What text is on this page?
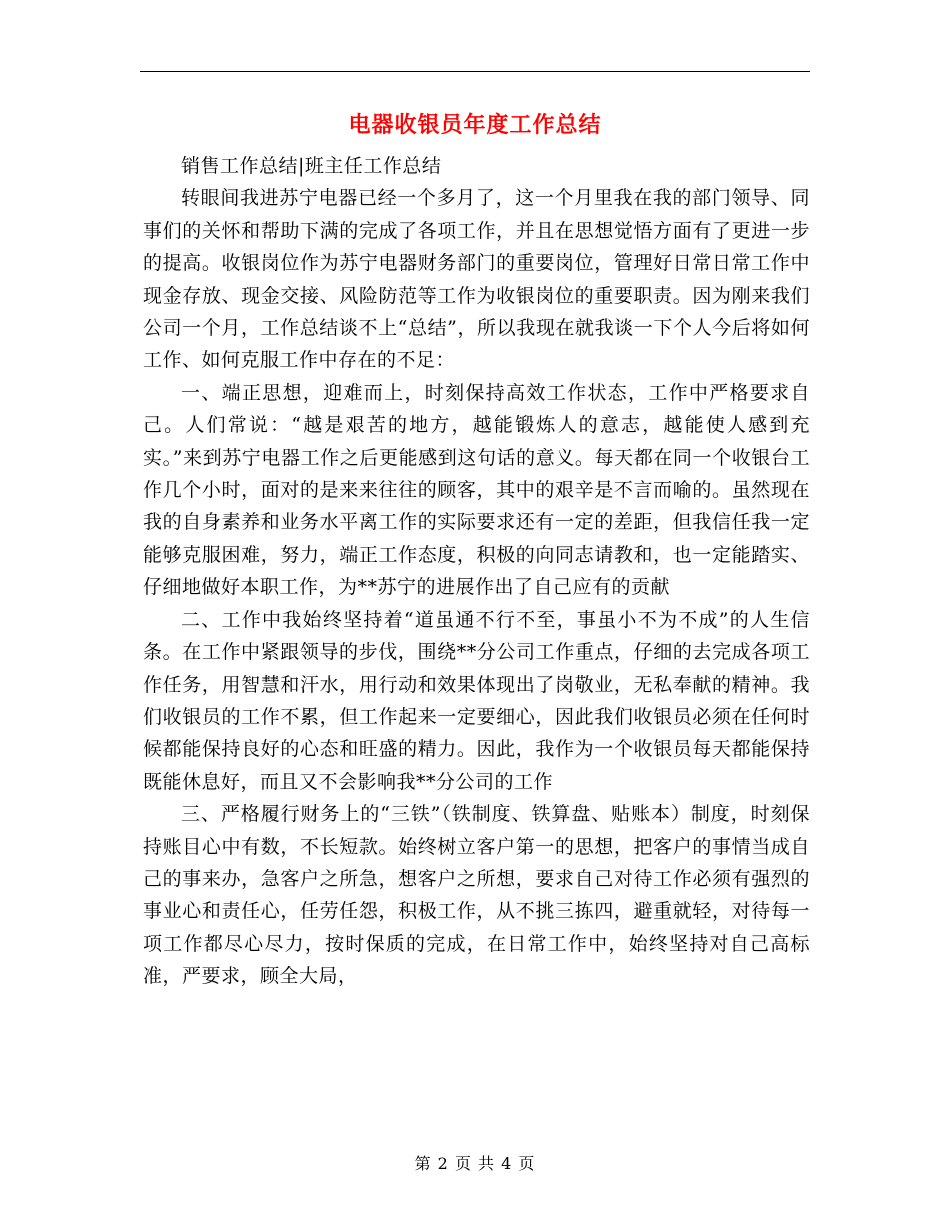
电器收银员年度工作总结

销售工作总结|班主任工作总结

转眼间我进苏宁电器已经一个多月了，这一个月里我在我的部门领导、同事们的关怀和帮助下满的完成了各项工作，并且在思想觉悟方面有了更进一步的提高。收银岗位作为苏宁电器财务部门的重要岗位，管理好日常日常工作中现金存放、现金交接、风险防范等工作为收银岗位的重要职责。因为刚来我们公司一个月，工作总结谈不上“总结”，所以我现在就我谈一下个人今后将如何工作、如何克服工作中存在的不足：

一、端正思想，迎难而上，时刻保持高效工作状态，工作中严格要求自己。人们常说：“越是艰苦的地方，越能锻炼人的意志，越能使人感到充实。”来到苏宁电器工作之后更能感到这句话的意义。每天都在同一个收银台工作几个小时，面对的是来来往往的顾客，其中的艰辛是不言而喻的。虽然现在我的自身素养和业务水平离工作的实际要求还有一定的差距，但我信任我一定能够克服困难，努力，端正工作态度，积极的向同志请教和，也一定能踏实、仔细地做好本职工作，为**苏宁的进展作出了自己应有的贡献

二、工作中我始终坚持着“道虽通不行不至，事虽小不为不成”的人生信条。在工作中紧跟领导的步伐，围绕**分公司工作重点，仔细的去完成各项工作任务，用智慧和汗水，用行动和效果体现出了岗敬业，无私奉献的精神。我们收银员的工作不累，但工作起来一定要细心，因此我们收银员必须在任何时候都能保持良好的心态和旺盛的精力。因此，我作为一个收银员每天都能保持既能休息好，而且又不会影响我**分公司的工作

三、严格履行财务上的“三铁”（铁制度、铁算盘、贴账本）制度，时刻保持账目心中有数，不长短款。始终树立客户第一的思想，把客户的事情当成自己的事来办，急客户之所急，想客户之所想，要求自己对待工作必须有强烈的事业心和责任心，任劳任怨，积极工作，从不挑三拣四，避重就轻，对待每一项工作都尽心尽力，按时保质的完成，在日常工作中，始终坚持对自己高标准，严要求，顾全大局，

第 2 页 共 4 页
